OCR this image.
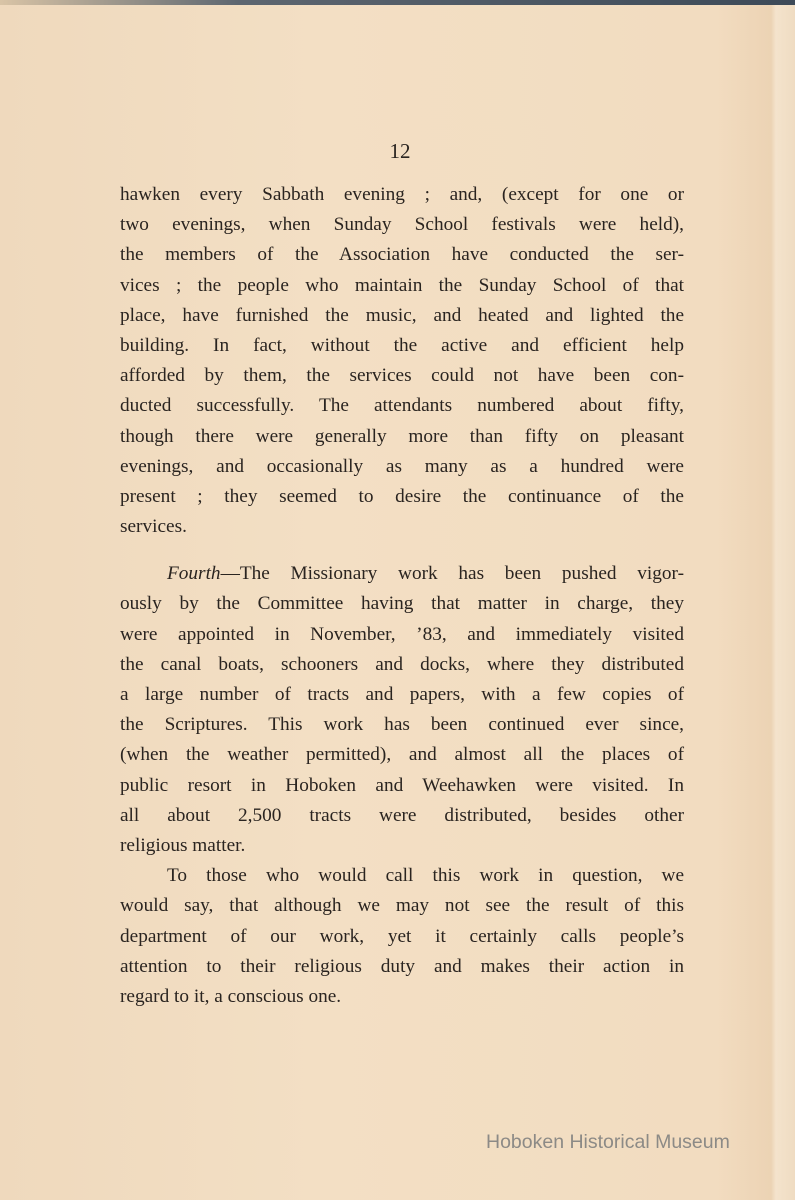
12
hawken every Sabbath evening ; and, (except for one or
two evenings, when Sunday School festivals were held),
the members of the Association have conducted the ser-
vices ; the people who maintain the Sunday School of that
place, have furnished the music, and heated and lighted the
building. In fact, without the active and efficient help
afforded by them, the services could not have been con-
ducted successfully. The attendants numbered about fifty,
though there were generally more than fifty on pleasant
evenings, and occasionally as many as a hundred were
present ; they seemed to desire the continuance of the
services.
Fourth—The Missionary work has been pushed vigor-
ously by the Committee having that matter in charge, they
were appointed in November, ’83, and immediately visited
the canal boats, schooners and docks, where they distributed
a large number of tracts and papers, with a few copies of
the Scriptures. This work has been continued ever since,
(when the weather permitted), and almost all the places of
public resort in Hoboken and Weehawken were visited. In
all about 2,500 tracts were distributed, besides other
religious matter.
To those who would call this work in question, we
would say, that although we may not see the result of this
department of our work, yet it certainly calls people’s
attention to their religious duty and makes their action in
regard to it, a conscious one.
Hoboken Historical Museum
